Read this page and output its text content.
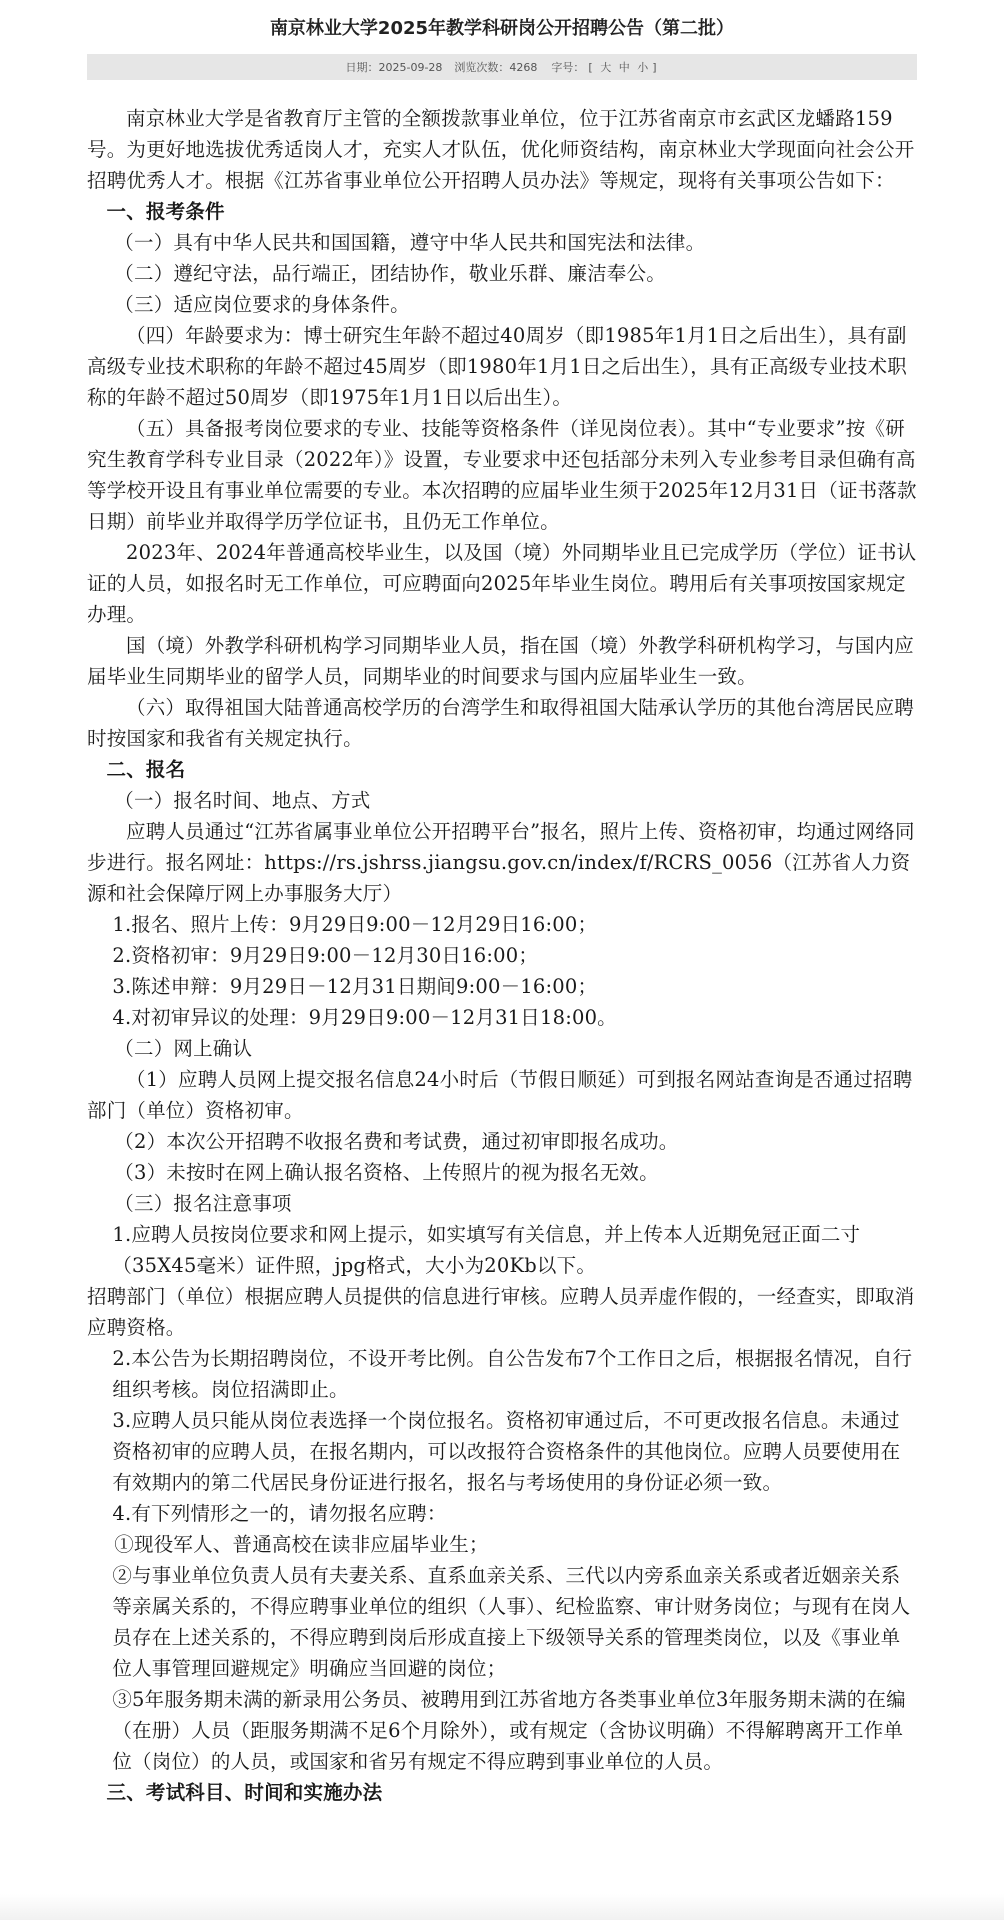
南京林业大学2025年教学科研岗公开招聘公告（第二批）
日期：2025-09-28 浏览次数：4268 字号： [ 大 中 小 ]

南京林业大学是省教育厅主管的全额拨款事业单位，位于江苏省南京市玄武区龙蟠路159号。为更好地选拔优秀适岗人才，充实人才队伍，优化师资结构，南京林业大学现面向社会公开招聘优秀人才。根据《江苏省事业单位公开招聘人员办法》等规定，现将有关事项公告如下：

一、报考条件

（一）具有中华人民共和国国籍，遵守中华人民共和国宪法和法律。

（二）遵纪守法，品行端正，团结协作，敬业乐群、廉洁奉公。

（三）适应岗位要求的身体条件。

（四）年龄要求为：博士研究生年龄不超过40周岁（即1985年1月1日之后出生），具有副高级专业技术职称的年龄不超过45周岁（即1980年1月1日之后出生），具有正高级专业技术职称的年龄不超过50周岁（即1975年1月1日以后出生）。

（五）具备报考岗位要求的专业、技能等资格条件（详见岗位表）。其中“专业要求”按《研究生教育学科专业目录（2022年）》设置，专业要求中还包括部分未列入专业参考目录但确有高等学校开设且有事业单位需要的专业。本次招聘的应届毕业生须于2025年12月31日（证书落款日期）前毕业并取得学历学位证书，且仍无工作单位。

2023年、2024年普通高校毕业生，以及国（境）外同期毕业且已完成学历（学位）证书认证的人员，如报名时无工作单位，可应聘面向2025年毕业生岗位。聘用后有关事项按国家规定办理。

国（境）外教学科研机构学习同期毕业人员，指在国（境）外教学科研机构学习，与国内应届毕业生同期毕业的留学人员，同期毕业的时间要求与国内应届毕业生一致。

（六）取得祖国大陆普通高校学历的台湾学生和取得祖国大陆承认学历的其他台湾居民应聘时按国家和我省有关规定执行。

二、报名

（一）报名时间、地点、方式

应聘人员通过“江苏省属事业单位公开招聘平台”报名，照片上传、资格初审，均通过网络同步进行。报名网址：https://rs.jshrss.jiangsu.gov.cn/index/f/RCRS_0056（江苏省人力资源和社会保障厅网上办事服务大厅）

1.报名、照片上传：9月29日9:00－12月29日16:00；

2.资格初审：9月29日9:00－12月30日16:00；

3.陈述申辩：9月29日－12月31日期间9:00－16:00；

4.对初审异议的处理：9月29日9:00－12月31日18:00。

（二）网上确认

（1）应聘人员网上提交报名信息24小时后（节假日顺延）可到报名网站查询是否通过招聘部门（单位）资格初审。

（2）本次公开招聘不收报名费和考试费，通过初审即报名成功。

（3）未按时在网上确认报名资格、上传照片的视为报名无效。

（三）报名注意事项

1.应聘人员按岗位要求和网上提示，如实填写有关信息，并上传本人近期免冠正面二寸（35X45毫米）证件照，jpg格式，大小为20Kb以下。

招聘部门（单位）根据应聘人员提供的信息进行审核。应聘人员弄虚作假的，一经查实，即取消应聘资格。

2.本公告为长期招聘岗位，不设开考比例。自公告发布7个工作日之后，根据报名情况，自行组织考核。岗位招满即止。

3.应聘人员只能从岗位表选择一个岗位报名。资格初审通过后，不可更改报名信息。未通过资格初审的应聘人员，在报名期内，可以改报符合资格条件的其他岗位。应聘人员要使用在有效期内的第二代居民身份证进行报名，报名与考场使用的身份证必须一致。

4.有下列情形之一的，请勿报名应聘：

①现役军人、普通高校在读非应届毕业生；

②与事业单位负责人员有夫妻关系、直系血亲关系、三代以内旁系血亲关系或者近姻亲关系等亲属关系的，不得应聘事业单位的组织（人事）、纪检监察、审计财务岗位；与现有在岗人员存在上述关系的，不得应聘到岗后形成直接上下级领导关系的管理类岗位，以及《事业单位人事管理回避规定》明确应当回避的岗位；

③5年服务期未满的新录用公务员、被聘用到江苏省地方各类事业单位3年服务期未满的在编（在册）人员（距服务期满不足6个月除外），或有规定（含协议明确）不得解聘离开工作单位（岗位）的人员，或国家和省另有规定不得应聘到事业单位的人员。

三、考试科目、时间和实施办法
